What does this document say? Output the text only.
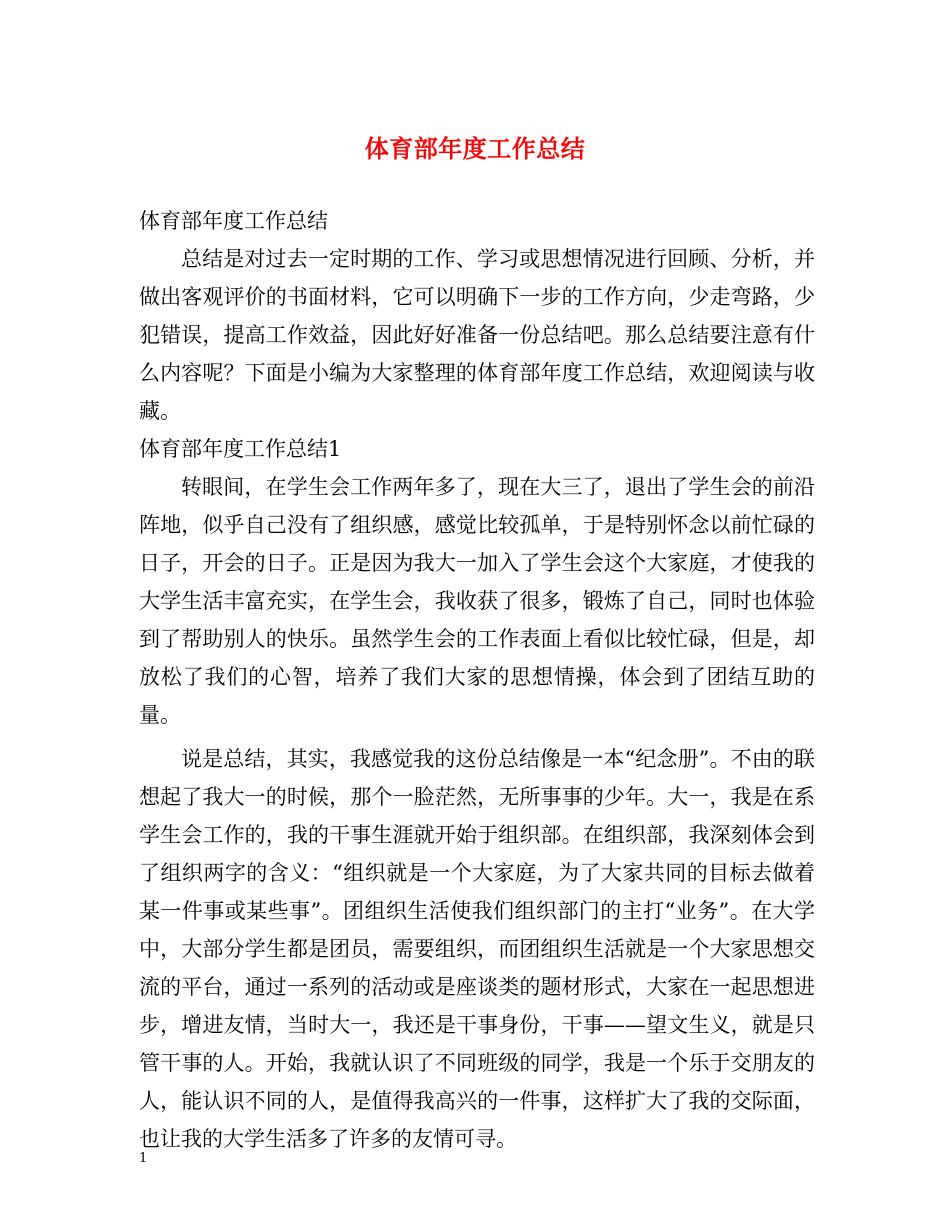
体育部年度工作总结

体育部年度工作总结

总结是对过去一定时期的工作、学习或思想情况进行回顾、分析，并做出客观评价的书面材料，它可以明确下一步的工作方向，少走弯路，少犯错误，提高工作效益，因此好好准备一份总结吧。那么总结要注意有什么内容呢？下面是小编为大家整理的体育部年度工作总结，欢迎阅读与收藏。

体育部年度工作总结1

转眼间，在学生会工作两年多了，现在大三了，退出了学生会的前沿阵地，似乎自己没有了组织感，感觉比较孤单，于是特别怀念以前忙碌的日子，开会的日子。正是因为我大一加入了学生会这个大家庭，才使我的大学生活丰富充实，在学生会，我收获了很多，锻炼了自己，同时也体验到了帮助别人的快乐。虽然学生会的工作表面上看似比较忙碌，但是，却放松了我们的心智，培养了我们大家的思想情操，体会到了团结互助的量。

说是总结，其实，我感觉我的这份总结像是一本“纪念册”。不由的联想起了我大一的时候，那个一脸茫然，无所事事的少年。大一，我是在系学生会工作的，我的干事生涯就开始于组织部。在组织部，我深刻体会到了组织两字的含义：“组织就是一个大家庭，为了大家共同的目标去做着某一件事或某些事”。团组织生活使我们组织部门的主打“业务”。在大学中，大部分学生都是团员，需要组织，而团组织生活就是一个大家思想交流的平台，通过一系列的活动或是座谈类的题材形式，大家在一起思想进步，增进友情，当时大一，我还是干事身份，干事——望文生义，就是只管干事的人。开始，我就认识了不同班级的同学，我是一个乐于交朋友的人，能认识不同的人，是值得我高兴的一件事，这样扩大了我的交际面，也让我的大学生活多了许多的友情可寻。

1
